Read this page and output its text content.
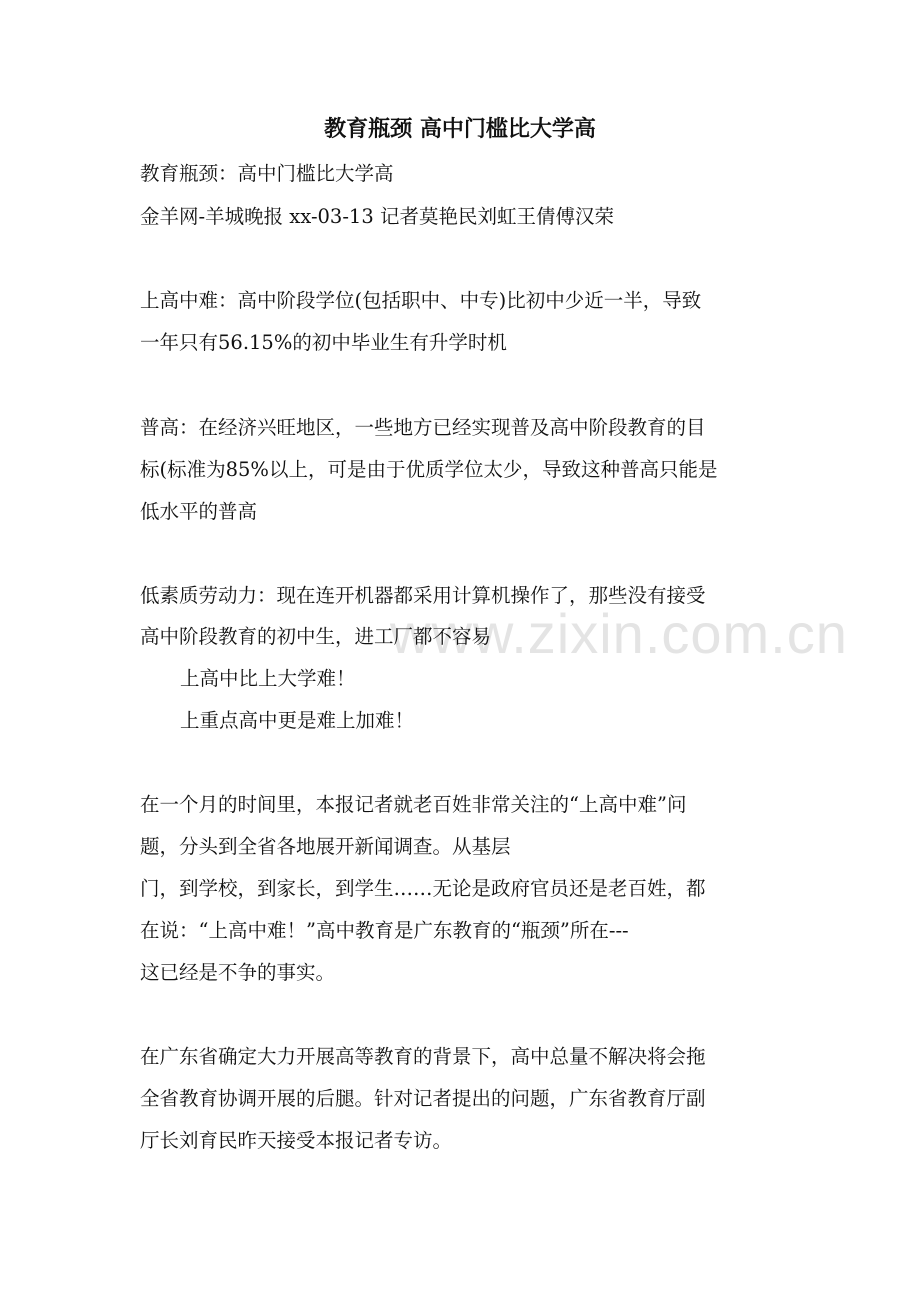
www.zixin.com.cn
教育瓶颈 高中门槛比大学高

教育瓶颈：高中门槛比大学高

金羊网-羊城晚报 xx-03-13 记者莫艳民刘虹王倩傅汉荣

上高中难：高中阶段学位(包括职中、中专)比初中少近一半，导致

一年只有56.15%的初中毕业生有升学时机

普高：在经济兴旺地区，一些地方已经实现普及高中阶段教育的目

标(标准为85%以上，可是由于优质学位太少，导致这种普高只能是

低水平的普高

低素质劳动力：现在连开机器都采用计算机操作了，那些没有接受

高中阶段教育的初中生，进工厂都不容易

上高中比上大学难！

上重点高中更是难上加难！

在一个月的时间里，本报记者就老百姓非常关注的“上高中难”问

题，分头到全省各地展开新闻调查。从基层

门，到学校，到家长，到学生……无论是政府官员还是老百姓，都

在说：“上高中难！”高中教育是广东教育的“瓶颈”所在---

这已经是不争的事实。

在广东省确定大力开展高等教育的背景下，高中总量不解决将会拖

全省教育协调开展的后腿。针对记者提出的问题，广东省教育厅副

厅长刘育民昨天接受本报记者专访。
